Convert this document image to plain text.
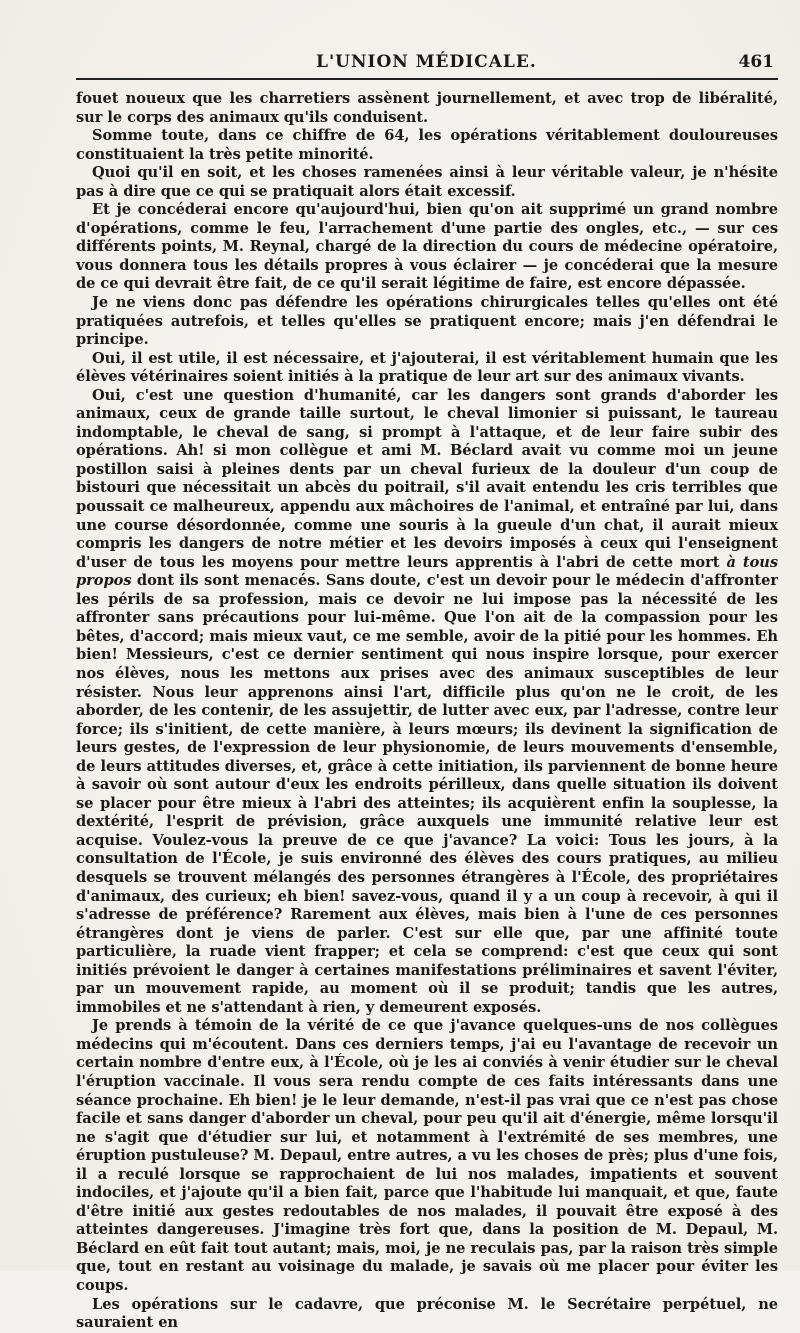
L'UNION MÉDICALE.	461

fouet noueux que les charretiers assènent journellement, et avec trop de libéralité, sur le corps des animaux qu'ils conduisent.

Somme toute, dans ce chiffre de 64, les opérations véritablement douloureuses constituaient la très petite minorité.

Quoi qu'il en soit, et les choses ramenées ainsi à leur véritable valeur, je n'hésite pas à dire que ce qui se pratiquait alors était excessif.

Et je concéderai encore qu'aujourd'hui, bien qu'on ait supprimé un grand nombre d'opérations, comme le feu, l'arrachement d'une partie des ongles, etc., — sur ces différents points, M. Reynal, chargé de la direction du cours de médecine opératoire, vous donnera tous les détails propres à vous éclairer — je concéderai que la mesure de ce qui devrait être fait, de ce qu'il serait légitime de faire, est encore dépassée.

Je ne viens donc pas défendre les opérations chirurgicales telles qu'elles ont été pratiquées autrefois, et telles qu'elles se pratiquent encore; mais j'en défendrai le principe.

Oui, il est utile, il est nécessaire, et j'ajouterai, il est véritablement humain que les élèves vétérinaires soient initiés à la pratique de leur art sur des animaux vivants.

Oui, c'est une question d'humanité, car les dangers sont grands d'aborder les animaux, ceux de grande taille surtout, le cheval limonier si puissant, le taureau indomptable, le cheval de sang, si prompt à l'attaque, et de leur faire subir des opérations. Ah! si mon collègue et ami M. Béclard avait vu comme moi un jeune postillon saisi à pleines dents par un cheval furieux de la douleur d'un coup de bistouri que nécessitait un abcès du poitrail, s'il avait entendu les cris terribles que poussait ce malheureux, appendu aux mâchoires de l'animal, et entraîné par lui, dans une course désordonnée, comme une souris à la gueule d'un chat, il aurait mieux compris les dangers de notre métier et les devoirs imposés à ceux qui l'enseignent d'user de tous les moyens pour mettre leurs apprentis à l'abri de cette mort à tous propos dont ils sont menacés. Sans doute, c'est un devoir pour le médecin d'affronter les périls de sa profession, mais ce devoir ne lui impose pas la nécessité de les affronter sans précautions pour lui-même. Que l'on ait de la compassion pour les bêtes, d'accord; mais mieux vaut, ce me semble, avoir de la pitié pour les hommes. Eh bien! Messieurs, c'est ce dernier sentiment qui nous inspire lorsque, pour exercer nos élèves, nous les mettons aux prises avec des animaux susceptibles de leur résister. Nous leur apprenons ainsi l'art, difficile plus qu'on ne le croit, de les aborder, de les contenir, de les assujettir, de lutter avec eux, par l'adresse, contre leur force; ils s'initient, de cette manière, à leurs mœurs; ils devinent la signification de leurs gestes, de l'expression de leur physionomie, de leurs mouvements d'ensemble, de leurs attitudes diverses, et, grâce à cette initiation, ils parviennent de bonne heure à savoir où sont autour d'eux les endroits périlleux, dans quelle situation ils doivent se placer pour être mieux à l'abri des atteintes; ils acquièrent enfin la souplesse, la dextérité, l'esprit de prévision, grâce auxquels une immunité relative leur est acquise. Voulez-vous la preuve de ce que j'avance? La voici: Tous les jours, à la consultation de l'École, je suis environné des élèves des cours pratiques, au milieu desquels se trouvent mélangés des personnes étrangères à l'École, des propriétaires d'animaux, des curieux; eh bien! savez-vous, quand il y a un coup à recevoir, à qui il s'adresse de préférence? Rarement aux élèves, mais bien à l'une de ces personnes étrangères dont je viens de parler. C'est sur elle que, par une affinité toute particulière, la ruade vient frapper; et cela se comprend: c'est que ceux qui sont initiés prévoient le danger à certaines manifestations préliminaires et savent l'éviter, par un mouvement rapide, au moment où il se produit; tandis que les autres, immobiles et ne s'attendant à rien, y demeurent exposés.

Je prends à témoin de la vérité de ce que j'avance quelques-uns de nos collègues médecins qui m'écoutent. Dans ces derniers temps, j'ai eu l'avantage de recevoir un certain nombre d'entre eux, à l'École, où je les ai conviés à venir étudier sur le cheval l'éruption vaccinale. Il vous sera rendu compte de ces faits intéressants dans une séance prochaine. Eh bien! je le leur demande, n'est-il pas vrai que ce n'est pas chose facile et sans danger d'aborder un cheval, pour peu qu'il ait d'énergie, même lorsqu'il ne s'agit que d'étudier sur lui, et notamment à l'extrémité de ses membres, une éruption pustuleuse? M. Depaul, entre autres, a vu les choses de près; plus d'une fois, il a reculé lorsque se rapprochaient de lui nos malades, impatients et souvent indociles, et j'ajoute qu'il a bien fait, parce que l'habitude lui manquait, et que, faute d'être initié aux gestes redoutables de nos malades, il pouvait être exposé à des atteintes dangereuses. J'imagine très fort que, dans la position de M. Depaul, M. Béclard en eût fait tout autant; mais, moi, je ne reculais pas, par la raison très simple que, tout en restant au voisinage du malade, je savais où me placer pour éviter les coups.

Les opérations sur le cadavre, que préconise M. le Secrétaire perpétuel, ne sauraient en
